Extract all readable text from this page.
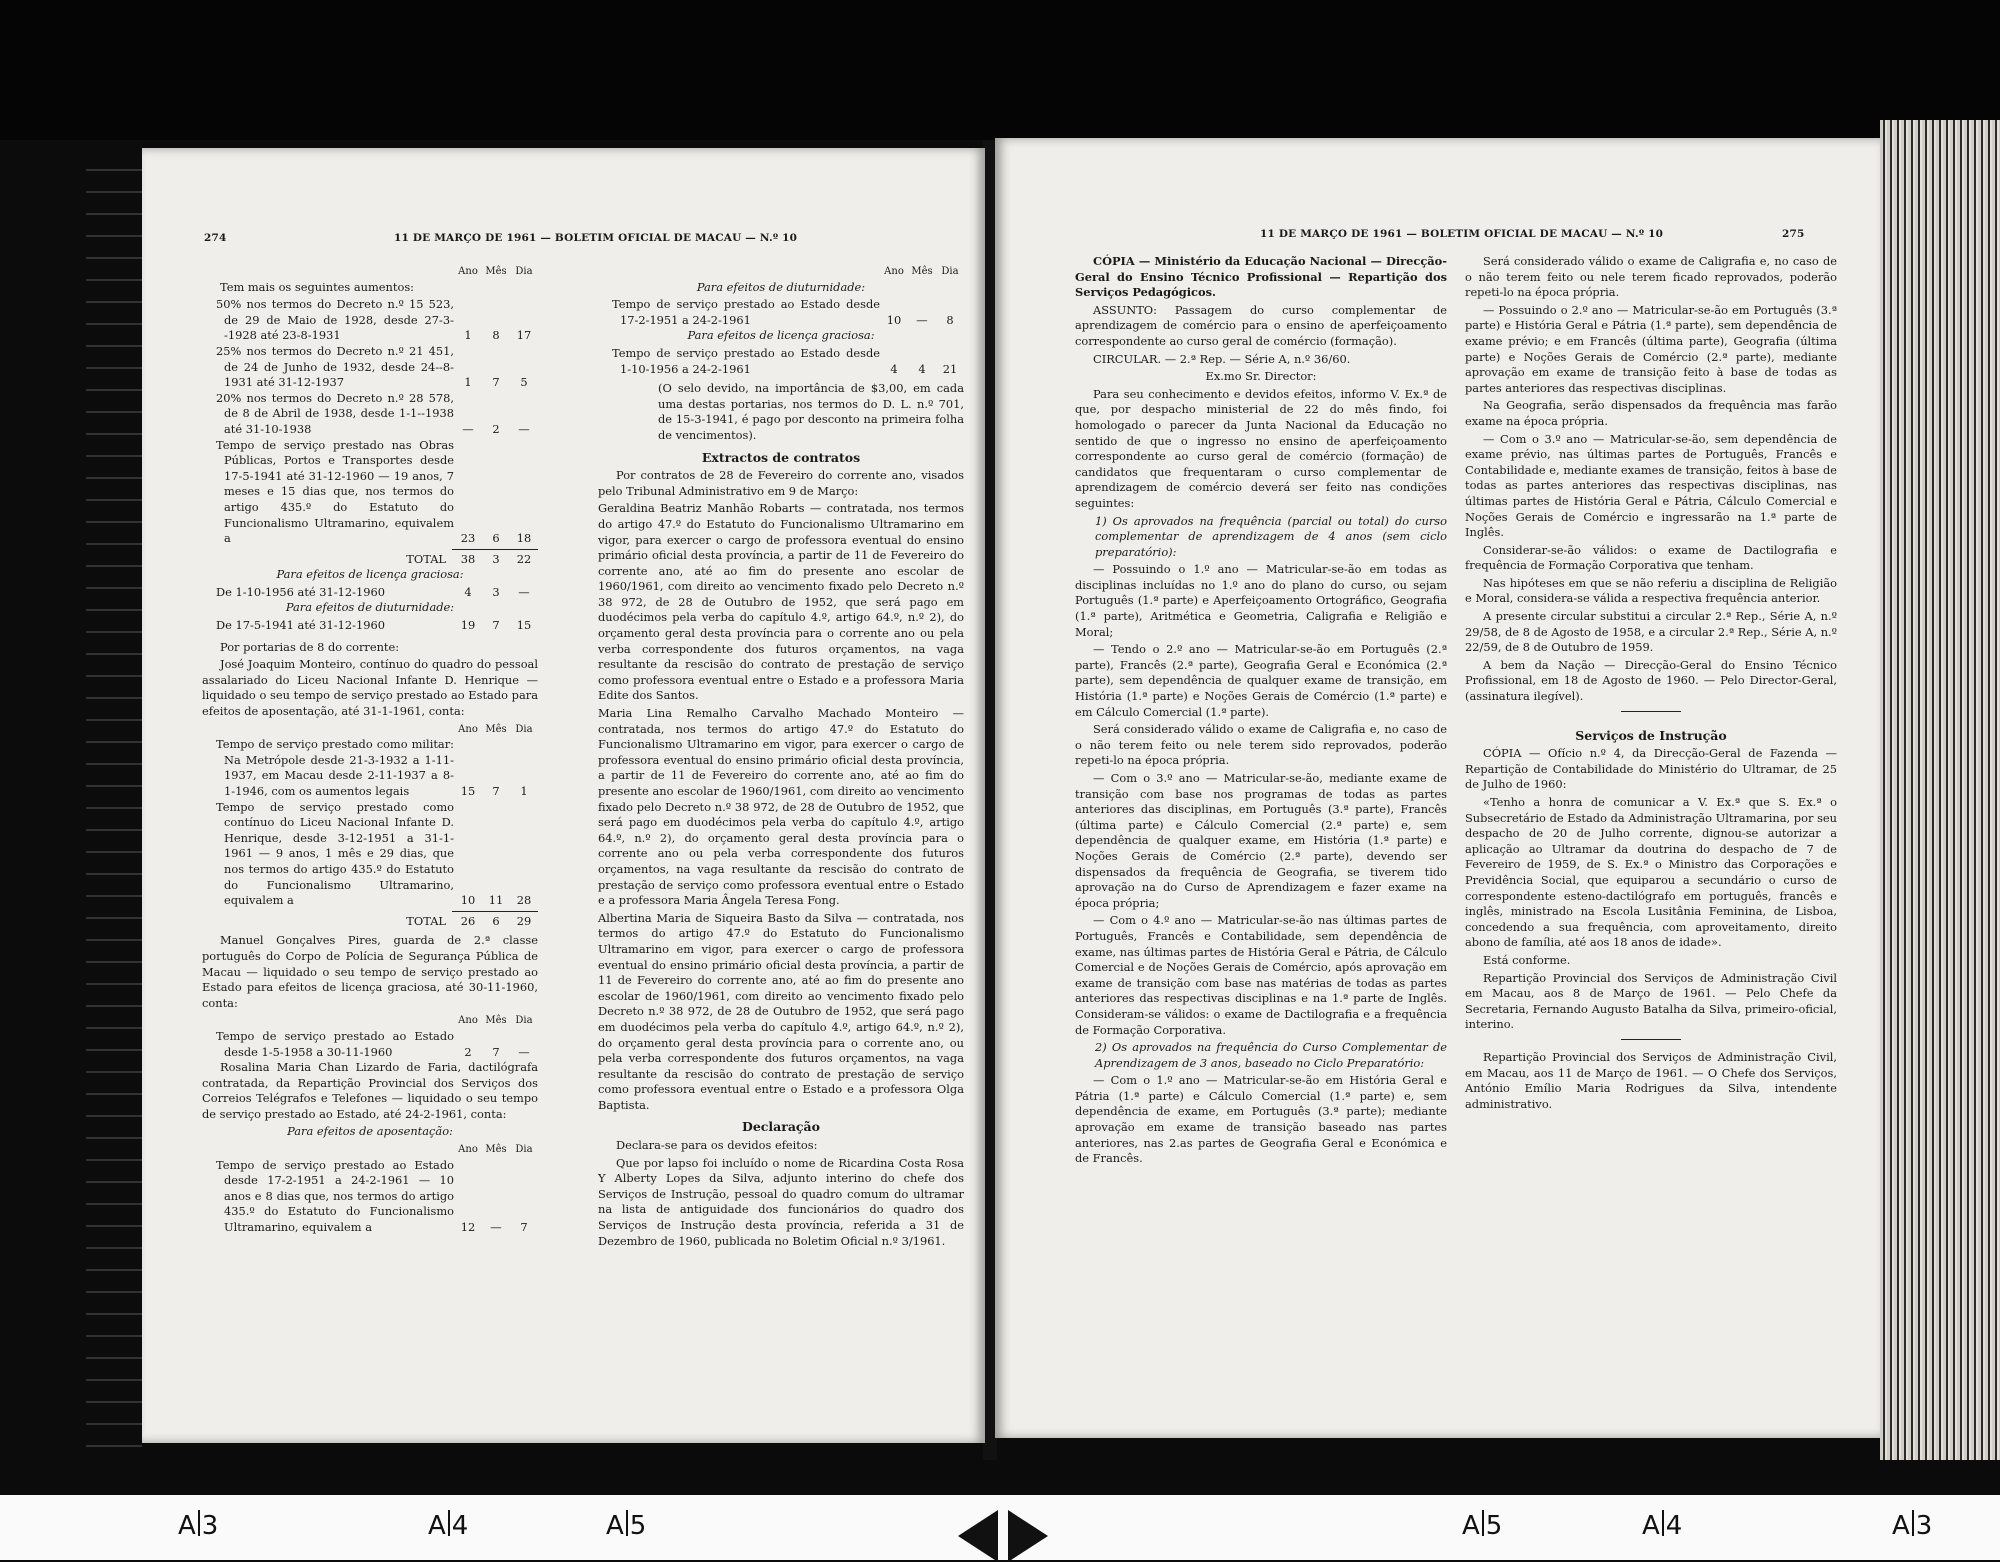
274	11 DE MARÇO DE 1961 — BOLETIM OFICIAL DE MACAU — N.º 10
Ano Mês Dia

Tem mais os seguintes aumentos:

50% nos termos do Decreto n.º 15 523, de 29 de Maio de 1928, desde 27-3--1928 até 23-8-1931	1	8	17
25% nos termos do Decreto n.º 21 451, de 24 de Junho de 1932, desde 24--8-1931 até 31-12-1937	1	7	5
20% nos termos do Decreto n.º 28 578, de 8 de Abril de 1938, desde 1-1--1938 até 31-10-1938	—	2	—
Tempo de serviço prestado nas Obras Públicas, Portos e Transportes desde 17-5-1941 até 31-12-1960 — 19 anos, 7 meses e 15 dias que, nos termos do artigo 435.º do Estatuto do Funcionalismo Ultramarino, equivalem a	23	6	18
TOTAL	38	3	22

Para efeitos de licença graciosa:

De 1-10-1956 até 31-12-1960	4	3	—

Para efeitos de diuturnidade:

De 17-5-1941 até 31-12-1960	19	7	15

Por portarias de 8 do corrente:

José Joaquim Monteiro, contínuo do quadro do pessoal assalariado do Liceu Nacional Infante D. Henrique — liquidado o seu tempo de serviço prestado ao Estado para efeitos de aposentação, até 31-1-1961, conta:

Ano Mês Dia
Tempo de serviço prestado como militar: Na Metrópole desde 21-3-1932 a 1-11-1937, em Macau desde 2-11-1937 a 8-1-1946, com os aumentos legais	15	7	1
Tempo de serviço prestado como contínuo do Liceu Nacional Infante D. Henrique, desde 3-12-1951 a 31-1-1961 — 9 anos, 1 mês e 29 dias, que nos termos do artigo 435.º do Estatuto do Funcionalismo Ultramarino, equivalem a	10	11	28
TOTAL	26	6	29

Manuel Gonçalves Pires, guarda de 2.ª classe português do Corpo de Polícia de Segurança Pública de Macau — liquidado o seu tempo de serviço prestado ao Estado para efeitos de licença graciosa, até 30-11-1960, conta:

Ano Mês Dia
Tempo de serviço prestado ao Estado desde 1-5-1958 a 30-11-1960	2	7	—

Rosalina Maria Chan Lizardo de Faria, dactilógrafa contratada, da Repartição Provincial dos Serviços dos Correios Telégrafos e Telefones — liquidado o seu tempo de serviço prestado ao Estado, até 24-2-1961, conta:

Para efeitos de aposentação:

Ano Mês Dia
Tempo de serviço prestado ao Estado desde 17-2-1951 a 24-2-1961 — 10 anos e 8 dias que, nos termos do artigo 435.º do Estatuto do Funcionalismo Ultramarino, equivalem a	12	—	7
Ano Mês Dia

Para efeitos de diuturnidade:

Tempo de serviço prestado ao Estado desde 17-2-1951 a 24-2-1961	10	—	8

Para efeitos de licença graciosa:

Tempo de serviço prestado ao Estado desde 1-10-1956 a 24-2-1961	4	4	21

(O selo devido, na importância de $3,00, em cada uma destas portarias, nos termos do D. L. n.º 701, de 15-3-1941, é pago por desconto na primeira folha de vencimentos).

Extractos de contratos

Por contratos de 28 de Fevereiro do corrente ano, visados pelo Tribunal Administrativo em 9 de Março:

Geraldina Beatriz Manhão Robarts — contratada, nos termos do artigo 47.º do Estatuto do Funcionalismo Ultramarino em vigor, para exercer o cargo de professora eventual do ensino primário oficial desta província, a partir de 11 de Fevereiro do corrente ano, até ao fim do presente ano escolar de 1960/1961, com direito ao vencimento fixado pelo Decreto n.º 38 972, de 28 de Outubro de 1952, que será pago em duodécimos pela verba do capítulo 4.º, artigo 64.º, n.º 2), do orçamento geral desta província para o corrente ano ou pela verba correspondente dos futuros orçamentos, na vaga resultante da rescisão do contrato de prestação de serviço como professora eventual entre o Estado e a professora Maria Edite dos Santos.

Maria Lina Remalho Carvalho Machado Monteiro — contratada, nos termos do artigo 47.º do Estatuto do Funcionalismo Ultramarino em vigor, para exercer o cargo de professora eventual do ensino primário oficial desta província, a partir de 11 de Fevereiro do corrente ano, até ao fim do presente ano escolar de 1960/1961, com direito ao vencimento fixado pelo Decreto n.º 38 972, de 28 de Outubro de 1952, que será pago em duodécimos pela verba do capítulo 4.º, artigo 64.º, n.º 2), do orçamento geral desta província para o corrente ano ou pela verba correspondente dos futuros orçamentos, na vaga resultante da rescisão do contrato de prestação de serviço como professora eventual entre o Estado e a professora Maria Ângela Teresa Fong.

Albertina Maria de Siqueira Basto da Silva — contratada, nos termos do artigo 47.º do Estatuto do Funcionalismo Ultramarino em vigor, para exercer o cargo de professora eventual do ensino primário oficial desta província, a partir de 11 de Fevereiro do corrente ano, até ao fim do presente ano escolar de 1960/1961, com direito ao vencimento fixado pelo Decreto n.º 38 972, de 28 de Outubro de 1952, que será pago em duodécimos pela verba do capítulo 4.º, artigo 64.º, n.º 2), do orçamento geral desta província para o corrente ano, ou pela verba correspondente dos futuros orçamentos, na vaga resultante da rescisão do contrato de prestação de serviço como professora eventual entre o Estado e a professora Olga Baptista.

Declaração

Declara-se para os devidos efeitos:

Que por lapso foi incluído o nome de Ricardina Costa Rosa Y Alberty Lopes da Silva, adjunto interino do chefe dos Serviços de Instrução, pessoal do quadro comum do ultramar na lista de antiguidade dos funcionários do quadro dos Serviços de Instrução desta província, referida a 31 de Dezembro de 1960, publicada no Boletim Oficial n.º 3/1961.

11 DE MARÇO DE 1961 — BOLETIM OFICIAL DE MACAU — N.º 10	275

CÓPIA — Ministério da Educação Nacional — Direcção-Geral do Ensino Técnico Profissional — Repartição dos Serviços Pedagógicos.

ASSUNTO: Passagem do curso complementar de aprendizagem de comércio para o ensino de aperfeiçoamento correspondente ao curso geral de comércio (formação).

CIRCULAR. — 2.ª Rep. — Série A, n.º 36/60.

Ex.mo Sr. Director:

Para seu conhecimento e devidos efeitos, informo V. Ex.ª de que, por despacho ministerial de 22 do mês findo, foi homologado o parecer da Junta Nacional da Educação no sentido de que o ingresso no ensino de aperfeiçoamento correspondente ao curso geral de comércio (formação) de candidatos que frequentaram o curso complementar de aprendizagem de comércio deverá ser feito nas condições seguintes:

1) Os aprovados na frequência (parcial ou total) do curso complementar de aprendizagem de 4 anos (sem ciclo preparatório):

— Possuindo o 1.º ano — Matricular-se-ão em todas as disciplinas incluídas no 1.º ano do plano do curso, ou sejam Português (1.ª parte) e Aperfeiçoamento Ortográfico, Geografia (1.ª parte), Aritmética e Geometria, Caligrafia e Religião e Moral;

— Tendo o 2.º ano — Matricular-se-ão em Português (2.ª parte), Francês (2.ª parte), Geografia Geral e Económica (2.ª parte), sem dependência de qualquer exame de transição, em História (1.ª parte) e Noções Gerais de Comércio (1.ª parte) e em Cálculo Comercial (1.ª parte).

Será considerado válido o exame de Caligrafia e, no caso de o não terem feito ou nele terem sido reprovados, poderão repeti-lo na época própria.

— Com o 3.º ano — Matricular-se-ão, mediante exame de transição com base nos programas de todas as partes anteriores das disciplinas, em Português (3.ª parte), Francês (última parte) e Cálculo Comercial (2.ª parte) e, sem dependência de qualquer exame, em História (1.ª parte) e Noções Gerais de Comércio (2.ª parte), devendo ser dispensados da frequência de Geografia, se tiverem tido aprovação na do Curso de Aprendizagem e fazer exame na época própria;

— Com o 4.º ano — Matricular-se-ão nas últimas partes de Português, Francês e Contabilidade, sem dependência de exame, nas últimas partes de História Geral e Pátria, de Cálculo Comercial e de Noções Gerais de Comércio, após aprovação em exame de transição com base nas matérias de todas as partes anteriores das respectivas disciplinas e na 1.ª parte de Inglês. Consideram-se válidos: o exame de Dactilografia e a frequência de Formação Corporativa.

2) Os aprovados na frequência do Curso Complementar de Aprendizagem de 3 anos, baseado no Ciclo Preparatório:

— Com o 1.º ano — Matricular-se-ão em História Geral e Pátria (1.ª parte) e Cálculo Comercial (1.ª parte) e, sem dependência de exame, em Português (3.ª parte); mediante aprovação em exame de transição baseado nas partes anteriores, nas 2.as partes de Geografia Geral e Económica e de Francês.

Será considerado válido o exame de Caligrafia e, no caso de o não terem feito ou nele terem ficado reprovados, poderão repeti-lo na época própria.

— Possuindo o 2.º ano — Matricular-se-ão em Português (3.ª parte) e História Geral e Pátria (1.ª parte), sem dependência de exame prévio; e em Francês (última parte), Geografia (última parte) e Noções Gerais de Comércio (2.ª parte), mediante aprovação em exame de transição feito à base de todas as partes anteriores das respectivas disciplinas.

Na Geografia, serão dispensados da frequência mas farão exame na época própria.

— Com o 3.º ano — Matricular-se-ão, sem dependência de exame prévio, nas últimas partes de Português, Francês e Contabilidade e, mediante exames de transição, feitos à base de todas as partes anteriores das respectivas disciplinas, nas últimas partes de História Geral e Pátria, Cálculo Comercial e Noções Gerais de Comércio e ingressarão na 1.ª parte de Inglês.

Considerar-se-ão válidos: o exame de Dactilografia e frequência de Formação Corporativa que tenham.

Nas hipóteses em que se não referiu a disciplina de Religião e Moral, considera-se válida a respectiva frequência anterior.

A presente circular substitui a circular 2.ª Rep., Série A, n.º 29/58, de 8 de Agosto de 1958, e a circular 2.ª Rep., Série A, n.º 22/59, de 8 de Outubro de 1959.

A bem da Nação — Direcção-Geral do Ensino Técnico Profissional, em 18 de Agosto de 1960. — Pelo Director-Geral, (assinatura ilegível).

Serviços de Instrução

CÓPIA — Ofício n.º 4, da Direcção-Geral de Fazenda — Repartição de Contabilidade do Ministério do Ultramar, de 25 de Julho de 1960:

«Tenho a honra de comunicar a V. Ex.ª que S. Ex.ª o Subsecretário de Estado da Administração Ultramarina, por seu despacho de 20 de Julho corrente, dignou-se autorizar a aplicação ao Ultramar da doutrina do despacho de 7 de Fevereiro de 1959, de S. Ex.ª o Ministro das Corporações e Previdência Social, que equiparou a secundário o curso de correspondente esteno-dactilógrafo em português, francês e inglês, ministrado na Escola Lusitânia Feminina, de Lisboa, concedendo a sua frequência, com aproveitamento, direito abono de família, até aos 18 anos de idade».

Está conforme.

Repartição Provincial dos Serviços de Administração Civil em Macau, aos 8 de Março de 1961. — Pelo Chefe da Secretaria, Fernando Augusto Batalha da Silva, primeiro-oficial, interino.

Repartição Provincial dos Serviços de Administração Civil, em Macau, aos 11 de Março de 1961. — O Chefe dos Serviços, António Emílio Maria Rodrigues da Silva, intendente administrativo.

A 3	A 4	A 5	A 5	A 4	A 3
